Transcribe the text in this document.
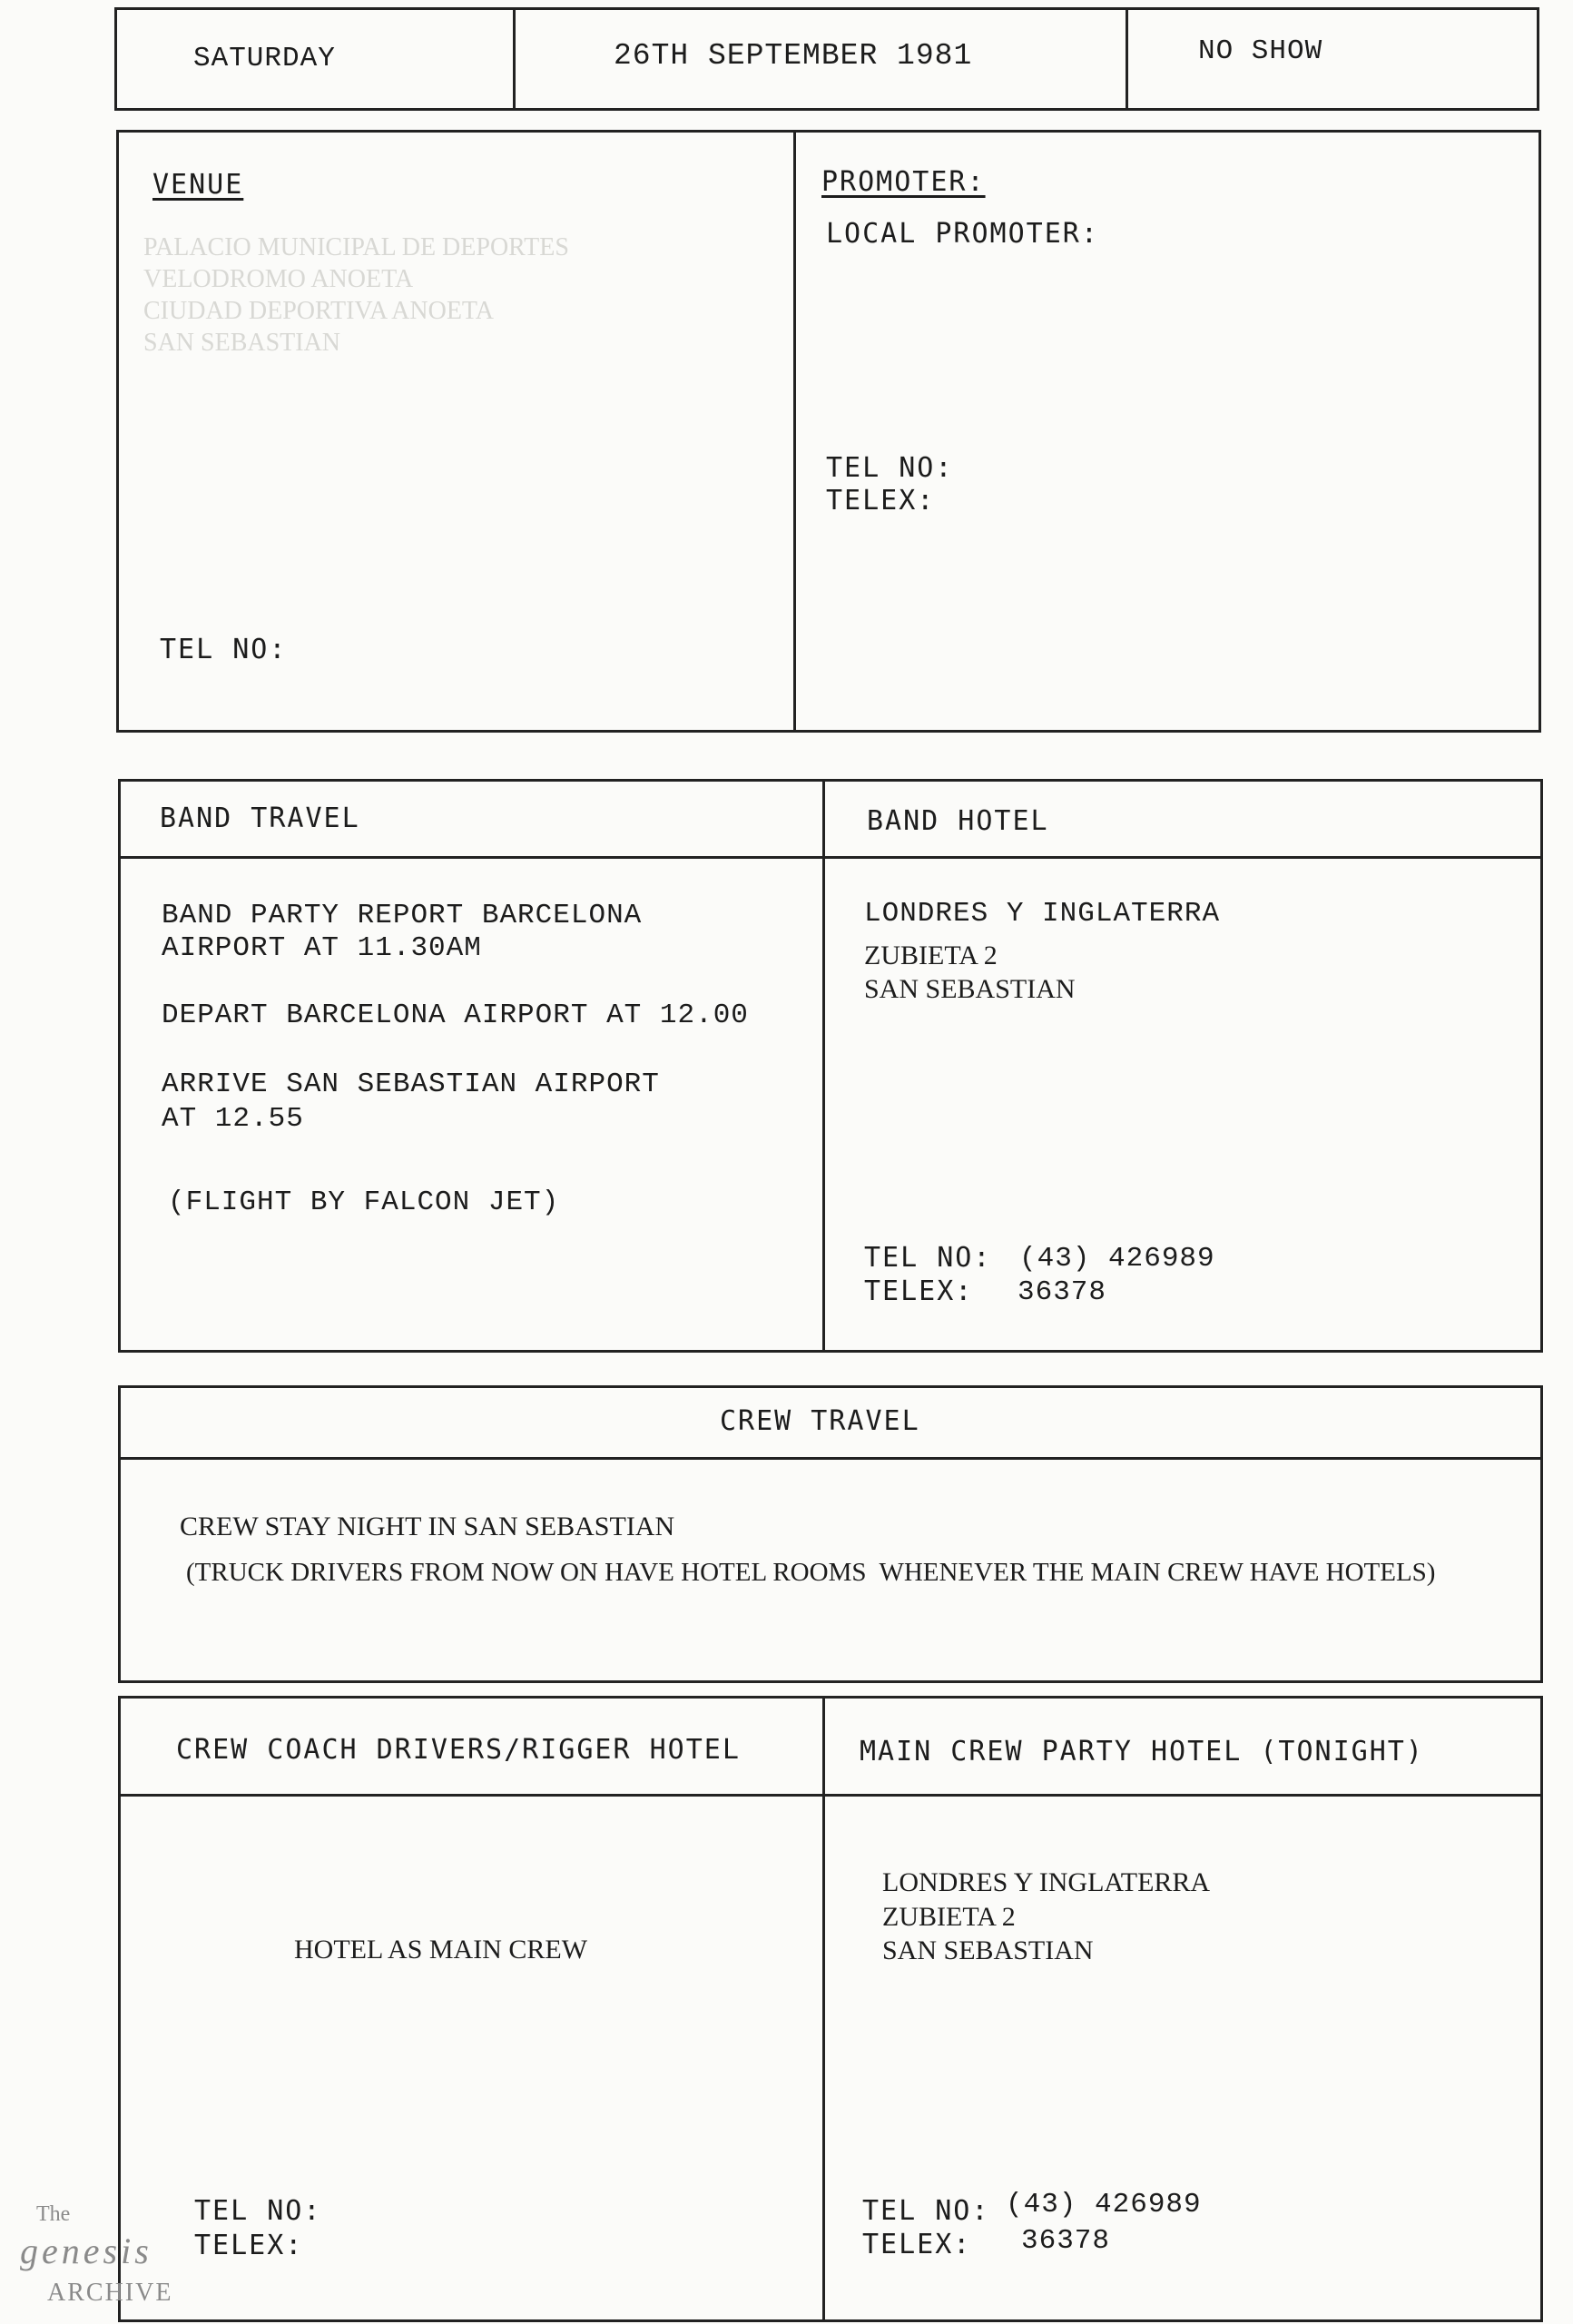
SATURDAY	26TH SEPTEMBER 1981	NO SHOW
PALACIO MUNICIPAL DE DEPORTES
VELODROMO ANOETA
CIUDAD DEPORTIVA ANOETA
SAN SEBASTIAN
VENUE
TEL NO:
PROMOTER:
LOCAL PROMOTER:
TEL NO:
TELEX:
BAND TRAVEL	BAND HOTEL
BAND PARTY REPORT BARCELONA
AIRPORT AT 11.30AM
DEPART BARCELONA AIRPORT AT 12.00
ARRIVE SAN SEBASTIAN AIRPORT
AT 12.55
(FLIGHT BY FALCON JET)
LONDRES Y INGLATERRA
ZUBIETA 2
SAN SEBASTIAN
TEL NO: (43) 426989
TELEX: 36378
CREW TRAVEL
CREW STAY NIGHT IN SAN SEBASTIAN
(TRUCK DRIVERS FROM NOW ON HAVE HOTEL ROOMS  WHENEVER THE MAIN CREW HAVE HOTELS)
CREW COACH DRIVERS/RIGGER HOTEL	MAIN CREW PARTY HOTEL (TONIGHT)
HOTEL AS MAIN CREW
TEL NO:
TELEX:
LONDRES Y INGLATERRA
ZUBIETA 2
SAN SEBASTIAN
TEL NO: (43) 426989
TELEX: 36378
The
genesis
ARCHIVE
